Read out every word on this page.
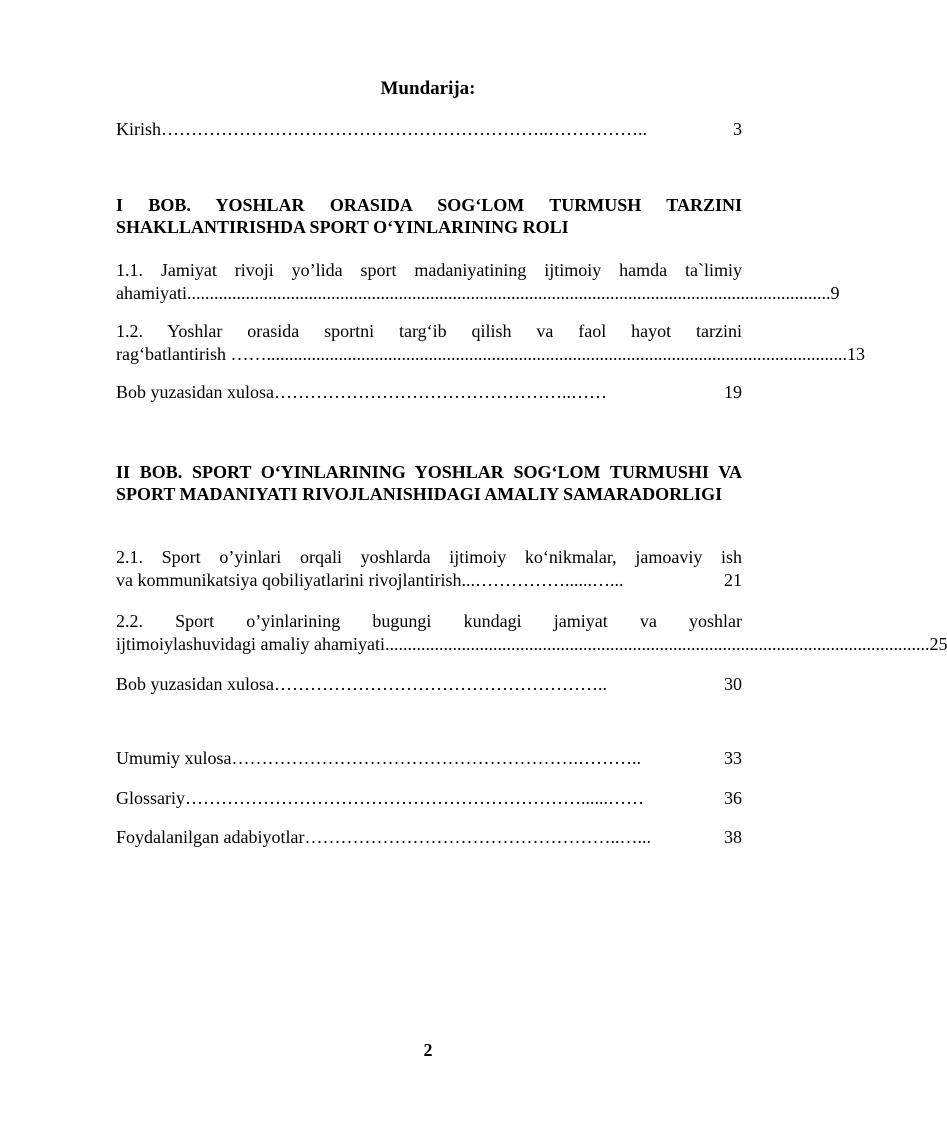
Mundarija:
Kirish ………………………………………………………..……………..	3
I BOB. YOSHLAR ORASIDA SOG‘LOM TURMUSH TARZINI SHAKLLANTIRISHDA SPORT O‘YINLARINING ROLI
1.1. Jamiyat rivoji yo’lida sport madaniyatining ijtimoiy hamda ta`limiy
ahamiyati ............................................................................................................................................... 9
1.2. Yoshlar orasida sportni targ‘ib qilish va faol hayot tarzini
rag‘batlantirish …… ................................................................................................................................. 13
Bob yuzasidan xulosa …………………………………………..……	19
II BOB. SPORT O‘YINLARINING YOSHLAR SOG‘LOM TURMUSHI VA SPORT MADANIYATI RIVOJLANISHIDAGI AMALIY SAMARADORLIGI
2.1. Sport o’yinlari orqali yoshlarda ijtimoiy ko‘nikmalar, jamoaviy ish
va kommunikatsiya qobiliyatlarini rivojlantirish ...……………......…...	21
2.2. Sport o’yinlarining bugungi kundagi jamiyat va yoshlar
ijtimoiylashuvidagi amaliy ahamiyati ......................................................................................................................... 25
Bob yuzasidan xulosa ………………………………………………..	30
Umumiy xulosa ………………………………………………….………..	33
Glossariy …………………………………………………………......……	36
Foydalanilgan adabiyotlar ……………………………………………..…...	38
2
